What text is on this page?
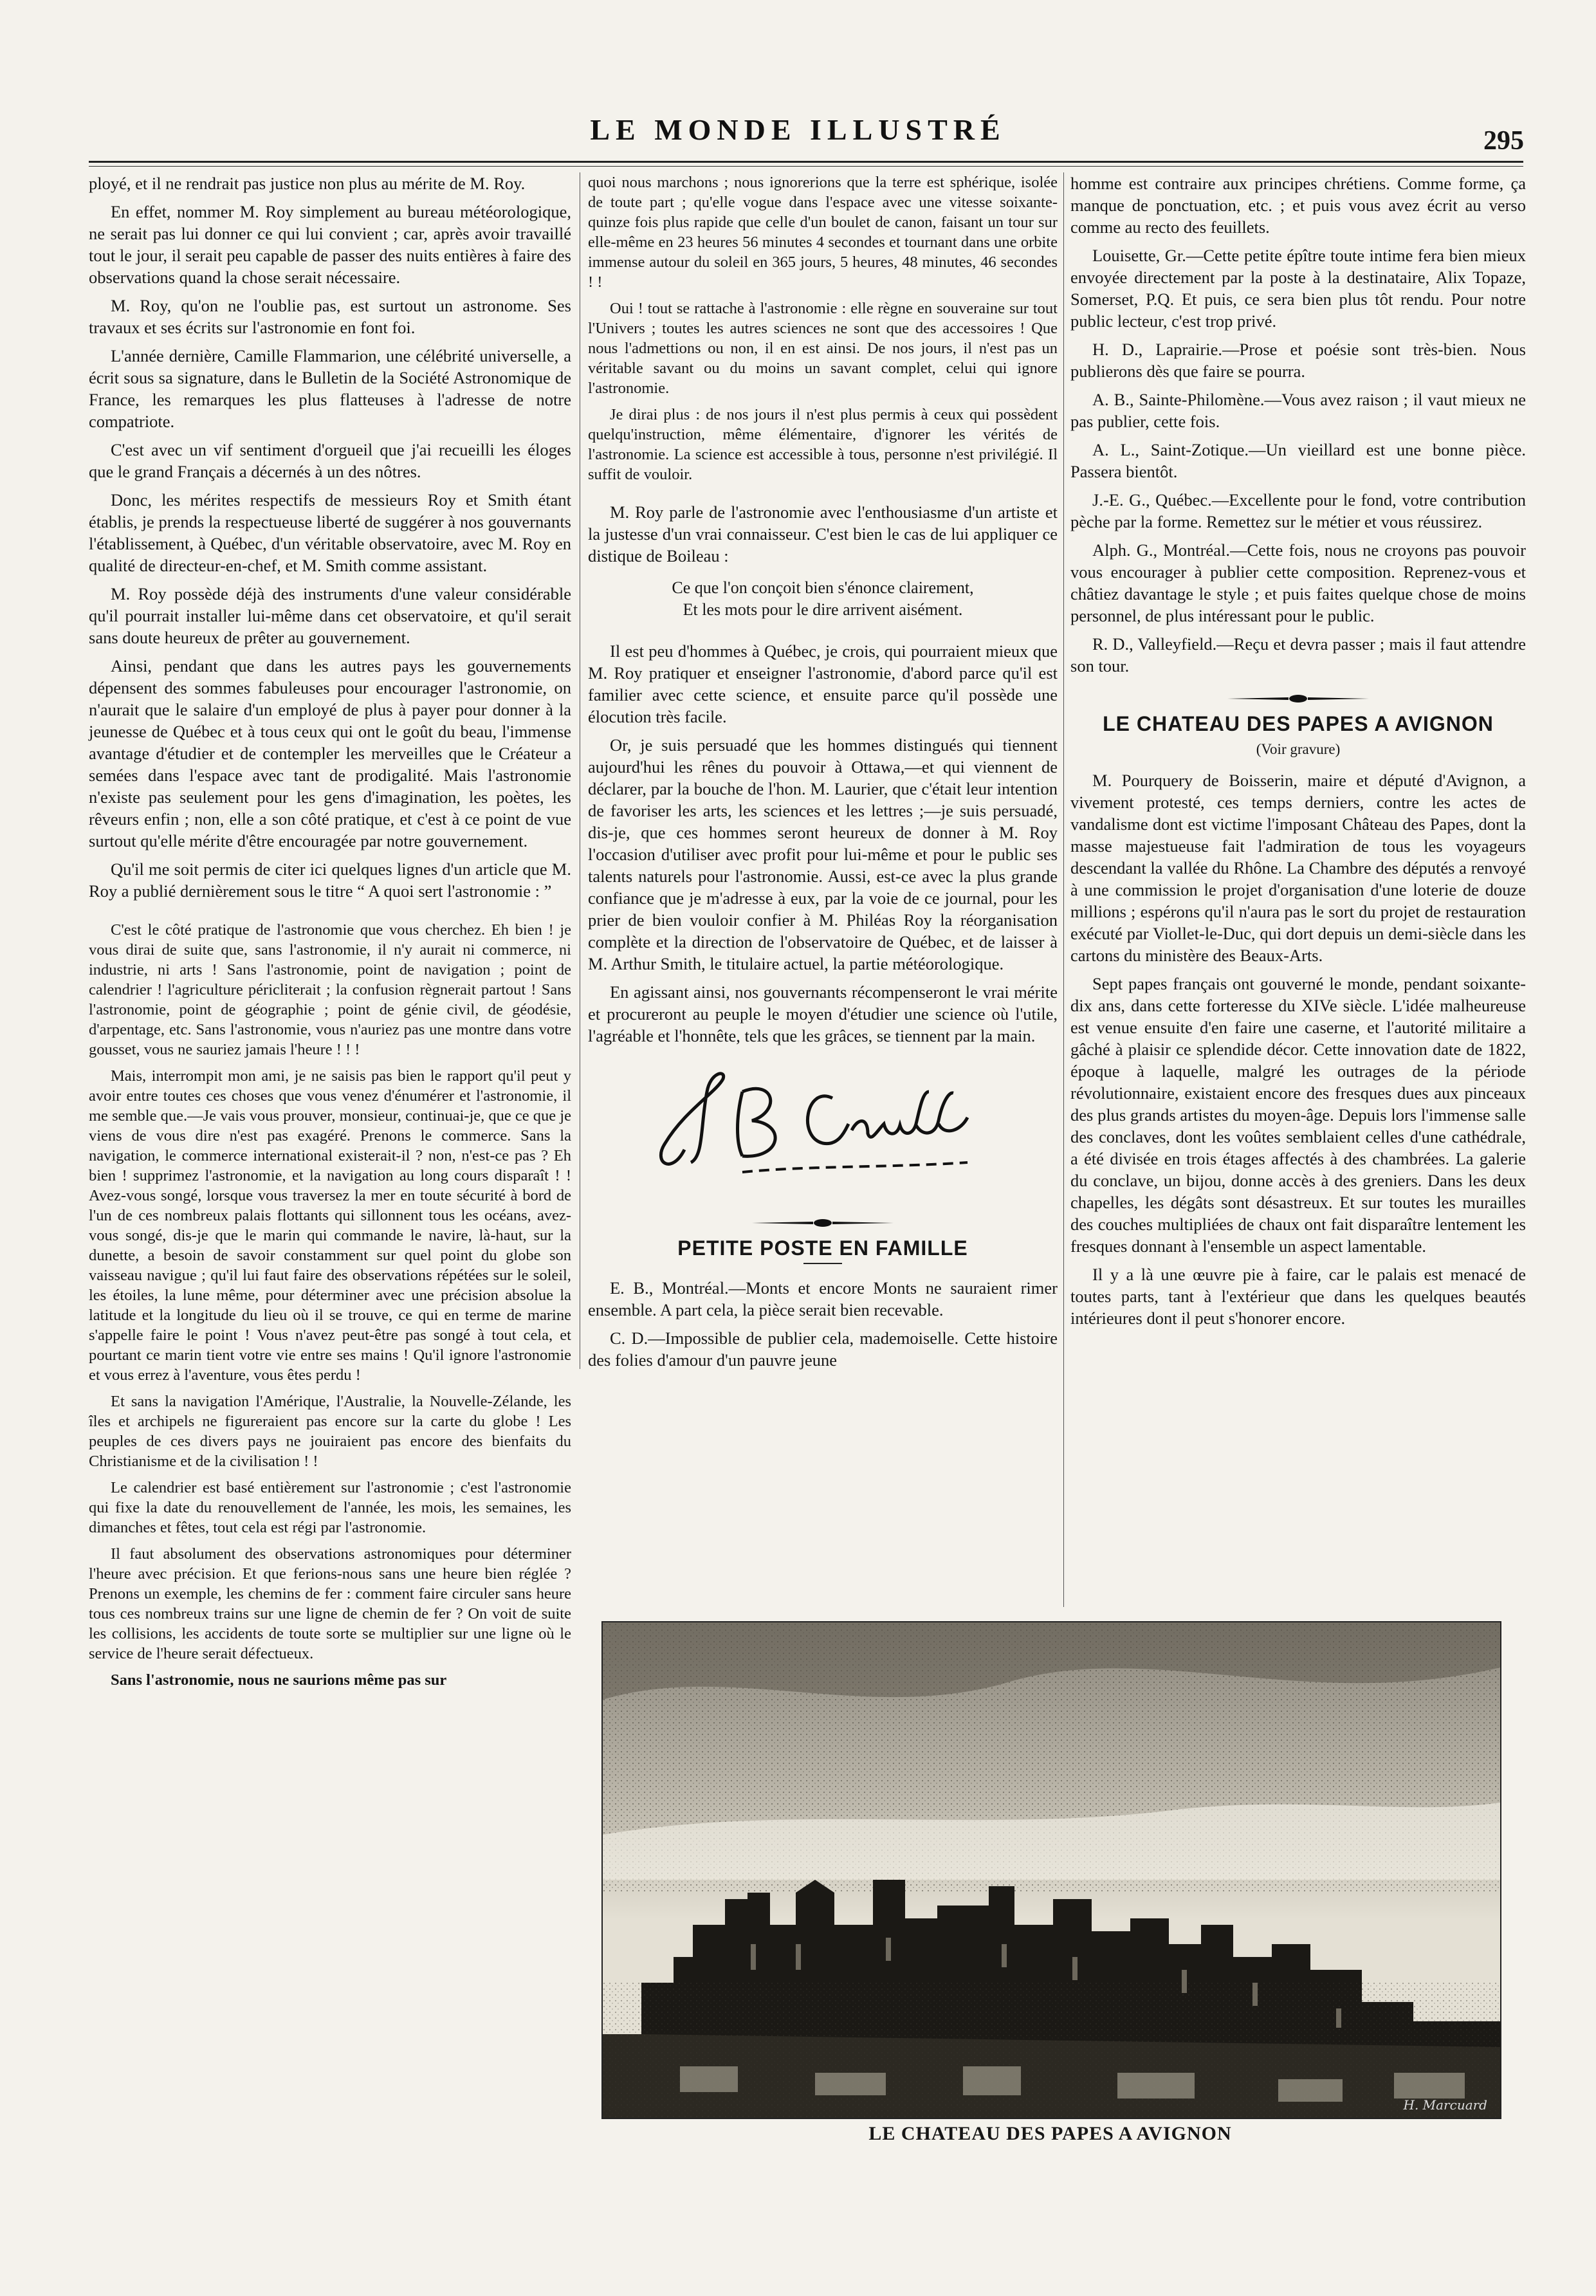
LE MONDE ILLUSTRÉ	295

ployé, et il ne rendrait pas justice non plus au mérite de M. Roy.

En effet, nommer M. Roy simplement au bureau météorologique, ne serait pas lui donner ce qui lui convient ; car, après avoir travaillé tout le jour, il serait peu capable de passer des nuits entières à faire des observations quand la chose serait nécessaire.

M. Roy, qu'on ne l'oublie pas, est surtout un astronome. Ses travaux et ses écrits sur l'astronomie en font foi.

L'année dernière, Camille Flammarion, une célébrité universelle, a écrit sous sa signature, dans le Bulletin de la Société Astronomique de France, les remarques les plus flatteuses à l'adresse de notre compatriote.

C'est avec un vif sentiment d'orgueil que j'ai recueilli les éloges que le grand Français a décernés à un des nôtres.

Donc, les mérites respectifs de messieurs Roy et Smith étant établis, je prends la respectueuse liberté de suggérer à nos gouvernants l'établissement, à Québec, d'un véritable observatoire, avec M. Roy en qualité de directeur-en-chef, et M. Smith comme assistant.

M. Roy possède déjà des instruments d'une valeur considérable qu'il pourrait installer lui-même dans cet observatoire, et qu'il serait sans doute heureux de prêter au gouvernement.

Ainsi, pendant que dans les autres pays les gouvernements dépensent des sommes fabuleuses pour encourager l'astronomie, on n'aurait que le salaire d'un employé de plus à payer pour donner à la jeunesse de Québec et à tous ceux qui ont le goût du beau, l'immense avantage d'étudier et de contempler les merveilles que le Créateur a semées dans l'espace avec tant de prodigalité. Mais l'astronomie n'existe pas seulement pour les gens d'imagination, les poètes, les rêveurs enfin ; non, elle a son côté pratique, et c'est à ce point de vue surtout qu'elle mérite d'être encouragée par notre gouvernement.

Qu'il me soit permis de citer ici quelques lignes d'un article que M. Roy a publié dernièrement sous le titre “ A quoi sert l'astronomie : ”

C'est le côté pratique de l'astronomie que vous cherchez. Eh bien ! je vous dirai de suite que, sans l'astronomie, il n'y aurait ni commerce, ni industrie, ni arts ! Sans l'astronomie, point de navigation ; point de calendrier ! l'agriculture péricliterait ; la confusion règnerait partout ! Sans l'astronomie, point de géographie ; point de génie civil, de géodésie, d'arpentage, etc. Sans l'astronomie, vous n'auriez pas une montre dans votre gousset, vous ne sauriez jamais l'heure ! ! !

Mais, interrompit mon ami, je ne saisis pas bien le rapport qu'il peut y avoir entre toutes ces choses que vous venez d'énumérer et l'astronomie, il me semble que.—Je vais vous prouver, monsieur, continuai-je, que ce que je viens de vous dire n'est pas exagéré. Prenons le commerce. Sans la navigation, le commerce international existerait-il ? non, n'est-ce pas ? Eh bien ! supprimez l'astronomie, et la navigation au long cours disparaît ! ! Avez-vous songé, lorsque vous traversez la mer en toute sécurité à bord de l'un de ces nombreux palais flottants qui sillonnent tous les océans, avez-vous songé, dis-je que le marin qui commande le navire, là-haut, sur la dunette, a besoin de savoir constamment sur quel point du globe son vaisseau navigue ; qu'il lui faut faire des observations répétées sur le soleil, les étoiles, la lune même, pour déterminer avec une précision absolue la latitude et la longitude du lieu où il se trouve, ce qui en terme de marine s'appelle faire le point ! Vous n'avez peut-être pas songé à tout cela, et pourtant ce marin tient votre vie entre ses mains ! Qu'il ignore l'astronomie et vous errez à l'aventure, vous êtes perdu !

Et sans la navigation l'Amérique, l'Australie, la Nouvelle-Zélande, les îles et archipels ne figureraient pas encore sur la carte du globe ! Les peuples de ces divers pays ne jouiraient pas encore des bienfaits du Christianisme et de la civilisation ! !

Le calendrier est basé entièrement sur l'astronomie ; c'est l'astronomie qui fixe la date du renouvellement de l'année, les mois, les semaines, les dimanches et fêtes, tout cela est régi par l'astronomie.

Il faut absolument des observations astronomiques pour déterminer l'heure avec précision. Et que ferions-nous sans une heure bien réglée ? Prenons un exemple, les chemins de fer : comment faire circuler sans heure tous ces nombreux trains sur une ligne de chemin de fer ? On voit de suite les collisions, les accidents de toute sorte se multiplier sur une ligne où le service de l'heure serait défectueux.

Sans l'astronomie, nous ne saurions même pas sur

quoi nous marchons ; nous ignorerions que la terre est sphérique, isolée de toute part ; qu'elle vogue dans l'espace avec une vitesse soixante-quinze fois plus rapide que celle d'un boulet de canon, faisant un tour sur elle-même en 23 heures 56 minutes 4 secondes et tournant dans une orbite immense autour du soleil en 365 jours, 5 heures, 48 minutes, 46 secondes ! !

Oui ! tout se rattache à l'astronomie : elle règne en souveraine sur tout l'Univers ; toutes les autres sciences ne sont que des accessoires ! Que nous l'admettions ou non, il en est ainsi. De nos jours, il n'est pas un véritable savant ou du moins un savant complet, celui qui ignore l'astronomie.

Je dirai plus : de nos jours il n'est plus permis à ceux qui possèdent quelqu'instruction, même élémentaire, d'ignorer les vérités de l'astronomie. La science est accessible à tous, personne n'est privilégié. Il suffit de vouloir.

M. Roy parle de l'astronomie avec l'enthousiasme d'un artiste et la justesse d'un vrai connaisseur. C'est bien le cas de lui appliquer ce distique de Boileau :

Ce que l'on conçoit bien s'énonce clairement,
Et les mots pour le dire arrivent aisément.

Il est peu d'hommes à Québec, je crois, qui pourraient mieux que M. Roy pratiquer et enseigner l'astronomie, d'abord parce qu'il est familier avec cette science, et ensuite parce qu'il possède une élocution très facile.

Or, je suis persuadé que les hommes distingués qui tiennent aujourd'hui les rênes du pouvoir à Ottawa,—et qui viennent de déclarer, par la bouche de l'hon. M. Laurier, que c'était leur intention de favoriser les arts, les sciences et les lettres ;—je suis persuadé, dis-je, que ces hommes seront heureux de donner à M. Roy l'occasion d'utiliser avec profit pour lui-même et pour le public ses talents naturels pour l'astronomie. Aussi, est-ce avec la plus grande confiance que je m'adresse à eux, par la voie de ce journal, pour les prier de bien vouloir confier à M. Philéas Roy la réorganisation complète et la direction de l'observatoire de Québec, et de laisser à M. Arthur Smith, le titulaire actuel, la partie météorologique.

En agissant ainsi, nos gouvernants récompenseront le vrai mérite et procureront au peuple le moyen d'étudier une science où l'utile, l'agréable et l'honnête, tels que les grâces, se tiennent par la main.

PETITE POSTE EN FAMILLE

E. B., Montréal.—Monts et encore Monts ne sauraient rimer ensemble. A part cela, la pièce serait bien recevable.

C. D.—Impossible de publier cela, mademoiselle. Cette histoire des folies d'amour d'un pauvre jeune

homme est contraire aux principes chrétiens. Comme forme, ça manque de ponctuation, etc. ; et puis vous avez écrit au verso comme au recto des feuillets.

Louisette, Gr.—Cette petite épître toute intime fera bien mieux envoyée directement par la poste à la destinataire, Alix Topaze, Somerset, P.Q. Et puis, ce sera bien plus tôt rendu. Pour notre public lecteur, c'est trop privé.

H. D., Laprairie.—Prose et poésie sont très-bien. Nous publierons dès que faire se pourra.

A. B., Sainte-Philomène.—Vous avez raison ; il vaut mieux ne pas publier, cette fois.

A. L., Saint-Zotique.—Un vieillard est une bonne pièce. Passera bientôt.

J.-E. G., Québec.—Excellente pour le fond, votre contribution pèche par la forme. Remettez sur le métier et vous réussirez.

Alph. G., Montréal.—Cette fois, nous ne croyons pas pouvoir vous encourager à publier cette composition. Reprenez-vous et châtiez davantage le style ; et puis faites quelque chose de moins personnel, de plus intéressant pour le public.

R. D., Valleyfield.—Reçu et devra passer ; mais il faut attendre son tour.

LE CHATEAU DES PAPES A AVIGNON
(Voir gravure)

M. Pourquery de Boisserin, maire et député d'Avignon, a vivement protesté, ces temps derniers, contre les actes de vandalisme dont est victime l'imposant Château des Papes, dont la masse majestueuse fait l'admiration de tous les voyageurs descendant la vallée du Rhône. La Chambre des députés a renvoyé à une commission le projet d'organisation d'une loterie de douze millions ; espérons qu'il n'aura pas le sort du projet de restauration exécuté par Viollet-le-Duc, qui dort depuis un demi-siècle dans les cartons du ministère des Beaux-Arts.

Sept papes français ont gouverné le monde, pendant soixante-dix ans, dans cette forteresse du XIVe siècle. L'idée malheureuse est venue ensuite d'en faire une caserne, et l'autorité militaire a gâché à plaisir ce splendide décor. Cette innovation date de 1822, époque à laquelle, malgré les outrages de la période révolutionnaire, existaient encore des fresques dues aux pinceaux des plus grands artistes du moyen-âge. Depuis lors l'immense salle des conclaves, dont les voûtes semblaient celles d'une cathédrale, a été divisée en trois étages affectés à des chambrées. La galerie du conclave, un bijou, donne accès à des greniers. Dans les deux chapelles, les dégâts sont désastreux. Et sur toutes les murailles des couches multipliées de chaux ont fait disparaître lentement les fresques donnant à l'ensemble un aspect lamentable.

Il y a là une œuvre pie à faire, car le palais est menacé de toutes parts, tant à l'extérieur que dans les quelques beautés intérieures dont il peut s'honorer encore.

H. Marcuard
LE CHATEAU DES PAPES A AVIGNON
